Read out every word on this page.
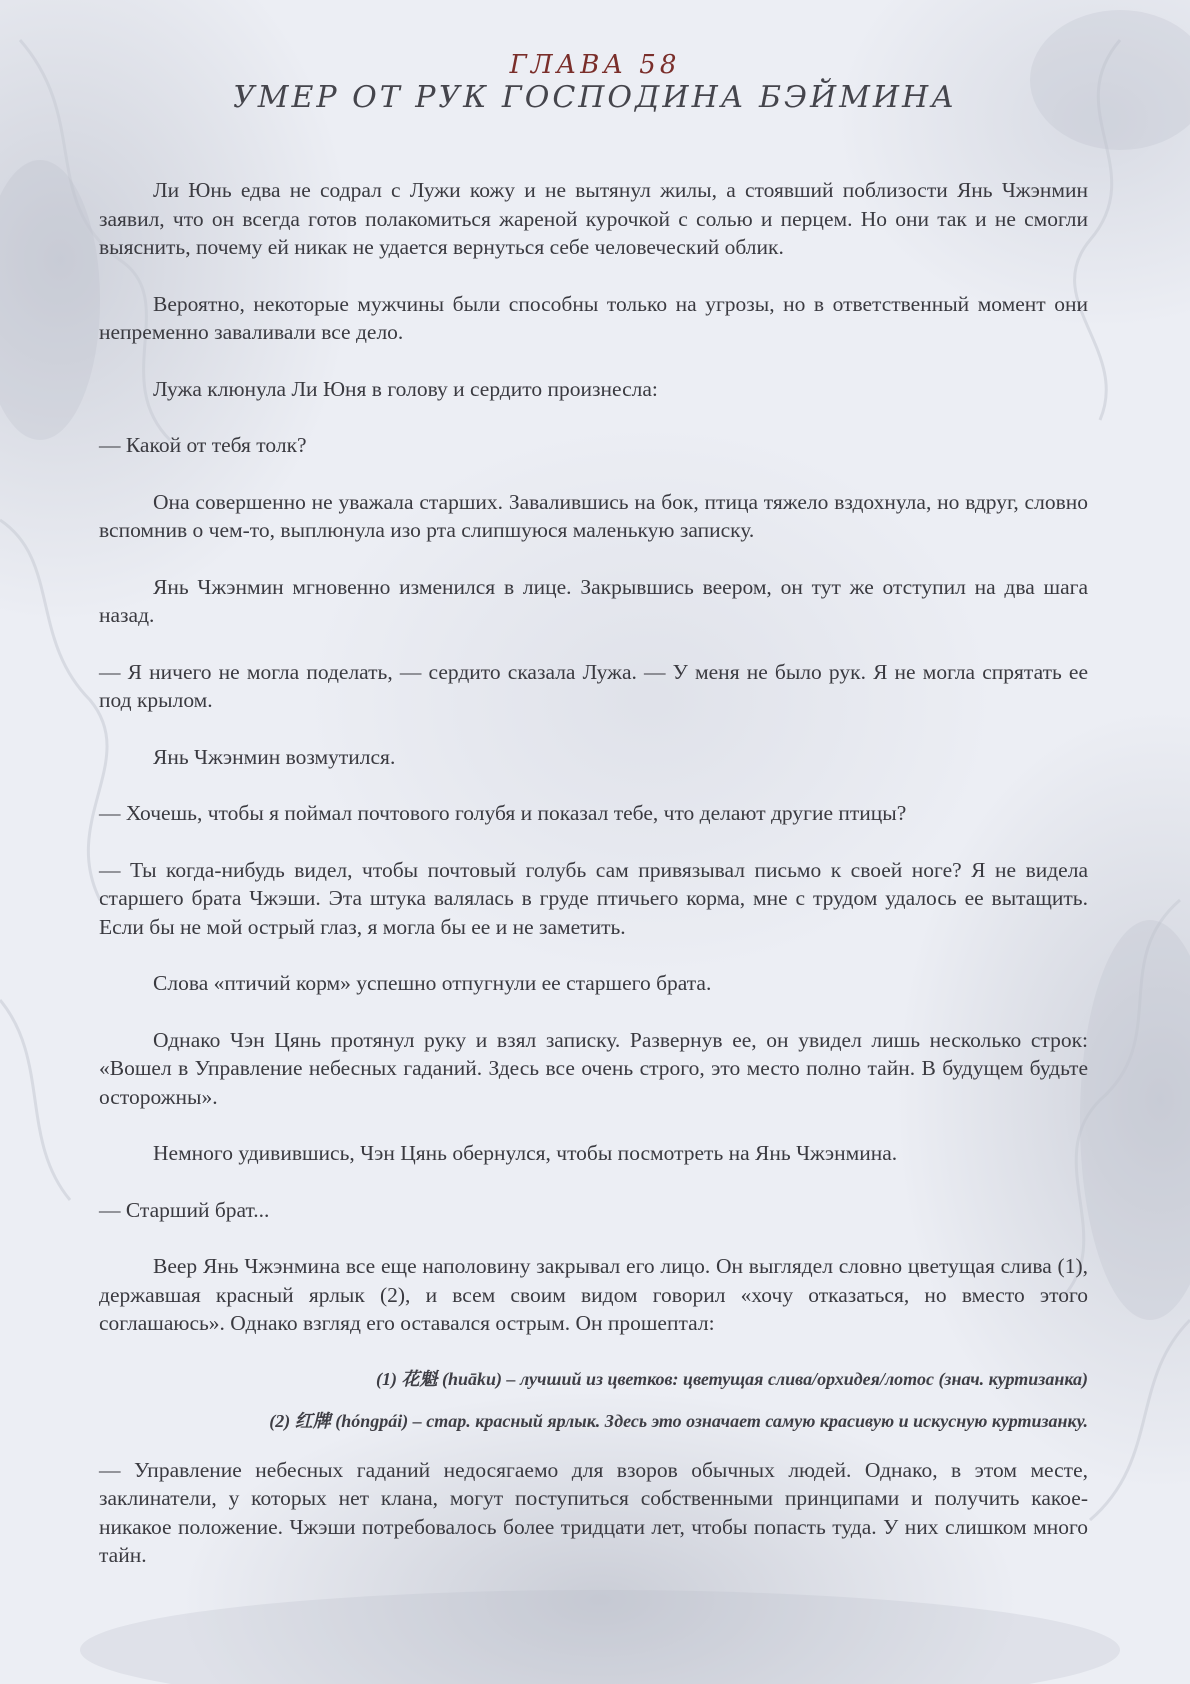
ГЛАВА 58
УМЕР ОТ РУК ГОСПОДИНА БЭЙМИНА

Ли Юнь едва не содрал с Лужи кожу и не вытянул жилы, а стоявший поблизости Янь Чжэнмин заявил, что он всегда готов полакомиться жареной курочкой с солью и перцем. Но они так и не смогли выяснить, почему ей никак не удается вернуться себе человеческий облик.

Вероятно, некоторые мужчины были способны только на угрозы, но в ответственный момент они непременно заваливали все дело.

Лужа клюнула Ли Юня в голову и сердито произнесла:

— Какой от тебя толк?

Она совершенно не уважала старших. Завалившись на бок, птица тяжело вздохнула, но вдруг, словно вспомнив о чем-то, выплюнула изо рта слипшуюся маленькую записку.

Янь Чжэнмин мгновенно изменился в лице. Закрывшись веером, он тут же отступил на два шага назад.

— Я ничего не могла поделать, — сердито сказала Лужа. — У меня не было рук. Я не могла спрятать ее под крылом.

Янь Чжэнмин возмутился.

— Хочешь, чтобы я поймал почтового голубя и показал тебе, что делают другие птицы?

— Ты когда-нибудь видел, чтобы почтовый голубь сам привязывал письмо к своей ноге? Я не видела старшего брата Чжэши. Эта штука валялась в груде птичьего корма, мне с трудом удалось ее вытащить. Если бы не мой острый глаз, я могла бы ее и не заметить.

Слова «птичий корм» успешно отпугнули ее старшего брата.

Однако Чэн Цянь протянул руку и взял записку. Развернув ее, он увидел лишь несколько строк: «Вошел в Управление небесных гаданий. Здесь все очень строго, это место полно тайн. В будущем будьте осторожны».

Немного удивившись, Чэн Цянь обернулся, чтобы посмотреть на Янь Чжэнмина.

— Старший брат...

Веер Янь Чжэнмина все еще наполовину закрывал его лицо. Он выглядел словно цветущая слива (1), державшая красный ярлык (2), и всем своим видом говорил «хочу отказаться, но вместо этого соглашаюсь». Однако взгляд его оставался острым. Он прошептал:

(1) 花魁 (huāku) – лучший из цветков: цветущая слива/орхидея/лотос (знач. куртизанка)

(2) 红牌 (hóngpái) – стар. красный ярлык. Здесь это означает самую красивую и искусную куртизанку.

— Управление небесных гаданий недосягаемо для взоров обычных людей. Однако, в этом месте, заклинатели, у которых нет клана, могут поступиться собственными принципами и получить какое-никакое положение. Чжэши потребовалось более тридцати лет, чтобы попасть туда. У них слишком много тайн.
